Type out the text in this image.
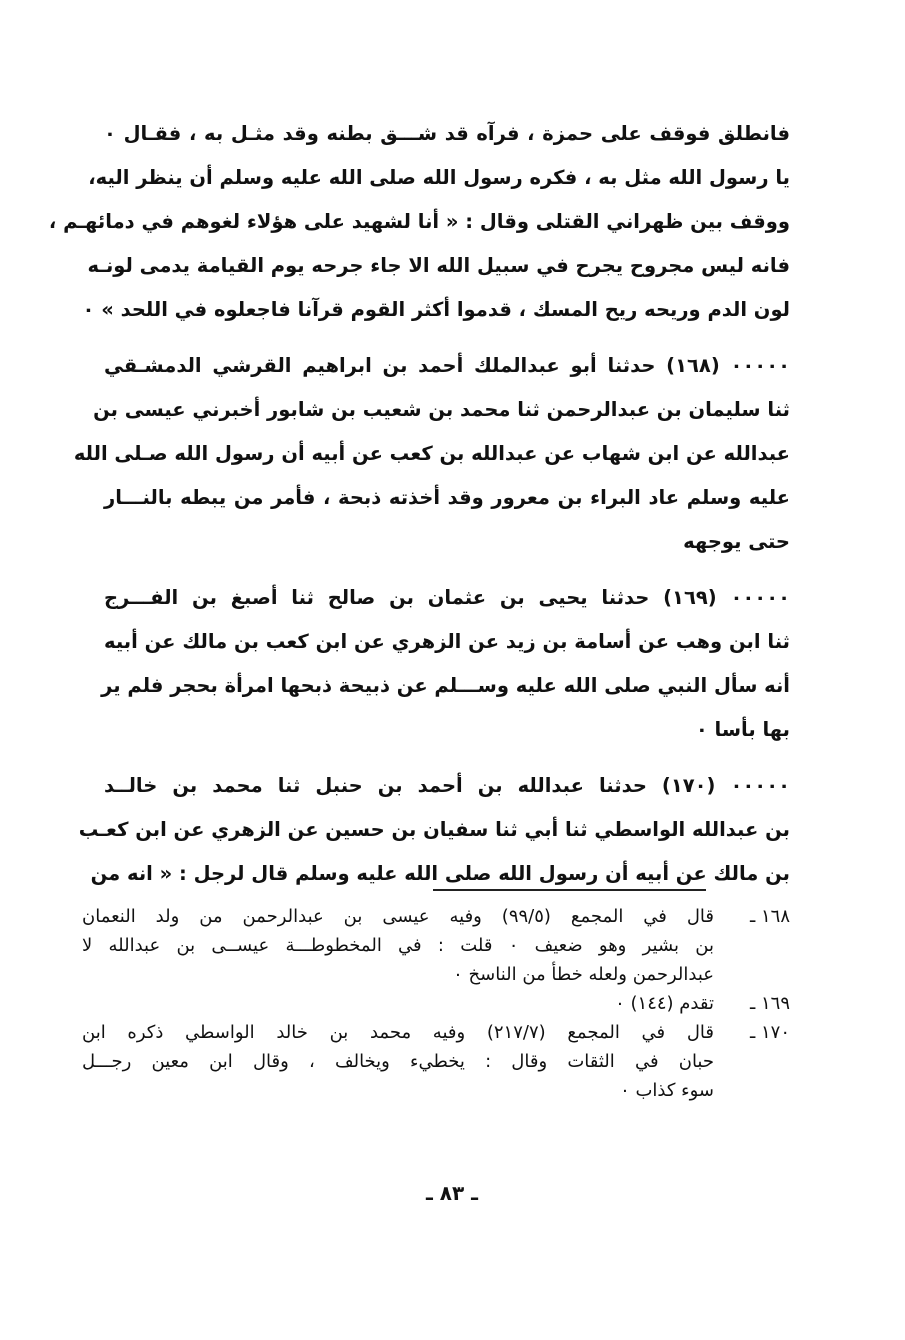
فانطلق فوقف على حمزة ، فرآه قد شـــق بطنه وقد مثـل به ، فقـال ٠
يا رسول الله مثل به ، فكره رسول الله صلى الله عليه وسلم أن ينظر اليه،
ووقف بين ظهراني القتلى وقال : « أنا لشهيد على هؤلاء لغوهم في دمائهـم ،
فانه ليس مجروح يجرح في سبيل الله الا جاء جرحه يوم القيامة يدمى لونـه
لون الدم وريحه ريح المسك ، قدموا أكثر القوم قرآنا فاجعلوه في اللحد » ٠
٠٠٠٠٠ (١٦٨) حدثنا أبو عبدالملك أحمد بن ابراهيم القرشي الدمشـقي
ثنا سليمان بن عبدالرحمن ثنا محمد بن شعيب بن شابور أخبرني عيسى بن
عبدالله عن ابن شهاب عن عبدالله بن كعب عن أبيه أن رسول الله صـلى الله
عليه وسلم عاد البراء بن معرور وقد أخذته ذبحة ، فأمر من يبطه بالنـــار
حتى يوجهه
٠٠٠٠٠ (١٦٩) حدثنا يحيى بن عثمان بن صالح ثنا أصبغ بن الفـــرج
ثنا ابن وهب عن أسامة بن زيد عن الزهري عن ابن كعب بن مالك عن أبيه
أنه سأل النبي صلى الله عليه وســـلم عن ذبيحة ذبحها امرأة بحجر فلم ير
بها بأسا ٠
٠٠٠٠٠ (١٧٠) حدثنا عبدالله بن أحمد بن حنبل ثنا محمد بن خالــد
بن عبدالله الواسطي ثنا أبي ثنا سفيان بن حسين عن الزهري عن ابن كعـب
بن مالك عن أبيه أن رسول الله صلى الله عليه وسلم قال لرجل : « انه من
١٦٨ ـ
قال في المجمع (٩٩/٥) وفيه عيسى بن عبدالرحمن من ولد النعمان
بن بشير وهو ضعيف ٠ قلت : في المخطوطـــة عيســى بن عبدالله لا
عبدالرحمن ولعله خطأ من الناسخ ٠
١٦٩ ـ
تقدم (١٤٤) ٠
١٧٠ ـ
قال في المجمع (٢١٧/٧) وفيه محمد بن خالد الواسطي ذكره ابن
حبان في الثقات وقال : يخطيء ويخالف ، وقال ابن معين رجـــل
سوء كذاب ٠
ـ ٨٣ ـ
